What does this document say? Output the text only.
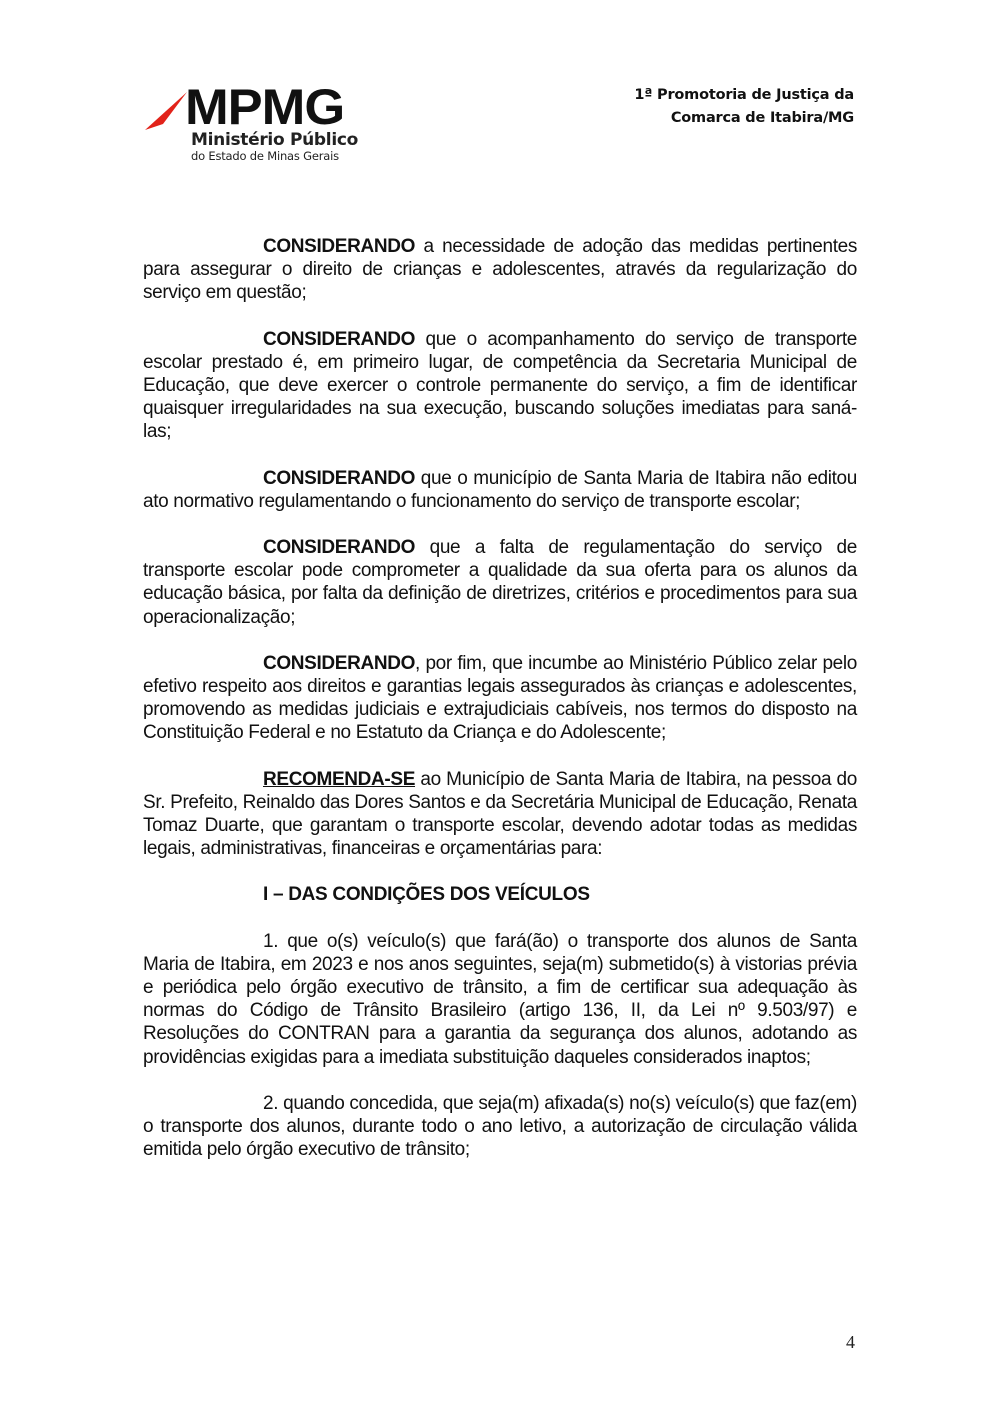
MPMG
Ministério Público
do Estado de Minas Gerais
1ª Promotoria de Justiça da
Comarca de Itabira/MG

CONSIDERANDO a necessidade de adoção das medidas pertinentes para assegurar o direito de crianças e adolescentes, através da regularização do serviço em questão;

CONSIDERANDO que o acompanhamento do serviço de transporte escolar prestado é, em primeiro lugar, de competência da Secretaria Municipal de Educação, que deve exercer o controle permanente do serviço, a fim de identificar quaisquer irregularidades na sua execução, buscando soluções imediatas para saná-las;

CONSIDERANDO que o município de Santa Maria de Itabira não editou ato normativo regulamentando o funcionamento do serviço de transporte escolar;

CONSIDERANDO que a falta de regulamentação do serviço de transporte escolar pode comprometer a qualidade da sua oferta para os alunos da educação básica, por falta da definição de diretrizes, critérios e procedimentos para sua operacionalização;

CONSIDERANDO, por fim, que incumbe ao Ministério Público zelar pelo efetivo respeito aos direitos e garantias legais assegurados às crianças e adolescentes, promovendo as medidas judiciais e extrajudiciais cabíveis, nos termos do disposto na Constituição Federal e no Estatuto da Criança e do Adolescente;

RECOMENDA-SE ao Município de Santa Maria de Itabira, na pessoa do Sr. Prefeito, Reinaldo das Dores Santos e da Secretária Municipal de Educação, Renata Tomaz Duarte, que garantam o transporte escolar, devendo adotar todas as medidas legais, administrativas, financeiras e orçamentárias para:

I – DAS CONDIÇÕES DOS VEÍCULOS

1. que o(s) veículo(s) que fará(ão) o transporte dos alunos de Santa Maria de Itabira, em 2023 e nos anos seguintes, seja(m) submetido(s) à vistorias prévia e periódica pelo órgão executivo de trânsito, a fim de certificar sua adequação às normas do Código de Trânsito Brasileiro (artigo 136, II, da Lei nº 9.503/97) e Resoluções do CONTRAN para a garantia da segurança dos alunos, adotando as providências exigidas para a imediata substituição daqueles considerados inaptos;

2. quando concedida, que seja(m) afixada(s) no(s) veículo(s) que faz(em) o transporte dos alunos, durante todo o ano letivo, a autorização de circulação válida emitida pelo órgão executivo de trânsito;

4
